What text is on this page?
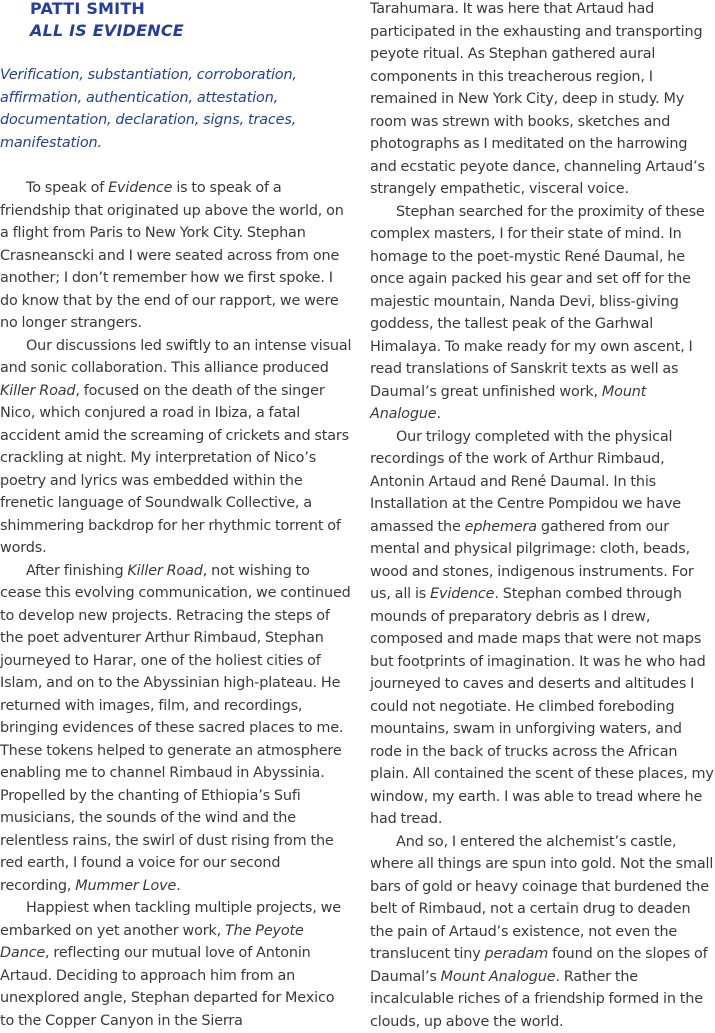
PATTI SMITH
ALL IS EVIDENCE

Verification, substantiation, corroboration, affirmation, authentication, attestation, documentation, declaration, signs, traces, manifestation.

To speak of Evidence is to speak of a friendship that originated up above the world, on a flight from Paris to New York City. Stephan Crasneanscki and I were seated across from one another; I don’t remember how we first spoke. I do know that by the end of our rapport, we were no longer strangers.

Our discussions led swiftly to an intense visual and sonic collaboration. This alliance produced Killer Road, focused on the death of the singer Nico, which conjured a road in Ibiza, a fatal accident amid the screaming of crickets and stars crackling at night. My interpretation of Nico’s poetry and lyrics was embedded within the frenetic language of Soundwalk Collective, a shimmering backdrop for her rhythmic torrent of words.

After finishing Killer Road, not wishing to cease this evolving communication, we continued to develop new projects. Retracing the steps of the poet adventurer Arthur Rimbaud, Stephan journeyed to Harar, one of the holiest cities of Islam, and on to the Abyssinian high-plateau. He returned with images, film, and recordings, bringing evidences of these sacred places to me. These tokens helped to generate an atmosphere enabling me to channel Rimbaud in Abyssinia. Propelled by the chanting of Ethiopia’s Sufi musicians, the sounds of the wind and the relentless rains, the swirl of dust rising from the red earth, I found a voice for our second recording, Mummer Love.

Happiest when tackling multiple projects, we embarked on yet another work, The Peyote Dance, reflecting our mutual love of Antonin Artaud. Deciding to approach him from an unexplored angle, Stephan departed for Mexico to the Copper Canyon in the Sierra

Tarahumara. It was here that Artaud had participated in the exhausting and transporting peyote ritual. As Stephan gathered aural components in this treacherous region, I remained in New York City, deep in study. My room was strewn with books, sketches and photographs as I meditated on the harrowing and ecstatic peyote dance, channeling Artaud’s strangely empathetic, visceral voice.

Stephan searched for the proximity of these complex masters, I for their state of mind. In homage to the poet-mystic René Daumal, he once again packed his gear and set off for the majestic mountain, Nanda Devi, bliss-giving goddess, the tallest peak of the Garhwal Himalaya. To make ready for my own ascent, I read translations of Sanskrit texts as well as Daumal’s great unfinished work, Mount Analogue.

Our trilogy completed with the physical recordings of the work of Arthur Rimbaud, Antonin Artaud and René Daumal. In this Installation at the Centre Pompidou we have amassed the ephemera gathered from our mental and physical pilgrimage: cloth, beads, wood and stones, indigenous instruments. For us, all is Evidence. Stephan combed through mounds of preparatory debris as I drew, composed and made maps that were not maps but footprints of imagination. It was he who had journeyed to caves and deserts and altitudes I could not negotiate. He climbed foreboding mountains, swam in unforgiving waters, and rode in the back of trucks across the African plain. All contained the scent of these places, my window, my earth. I was able to tread where he had tread.

And so, I entered the alchemist’s castle, where all things are spun into gold. Not the small bars of gold or heavy coinage that burdened the belt of Rimbaud, not a certain drug to deaden the pain of Artaud’s existence, not even the translucent tiny peradam found on the slopes of Daumal’s Mount Analogue. Rather the incalculable riches of a friendship formed in the clouds, up above the world.
